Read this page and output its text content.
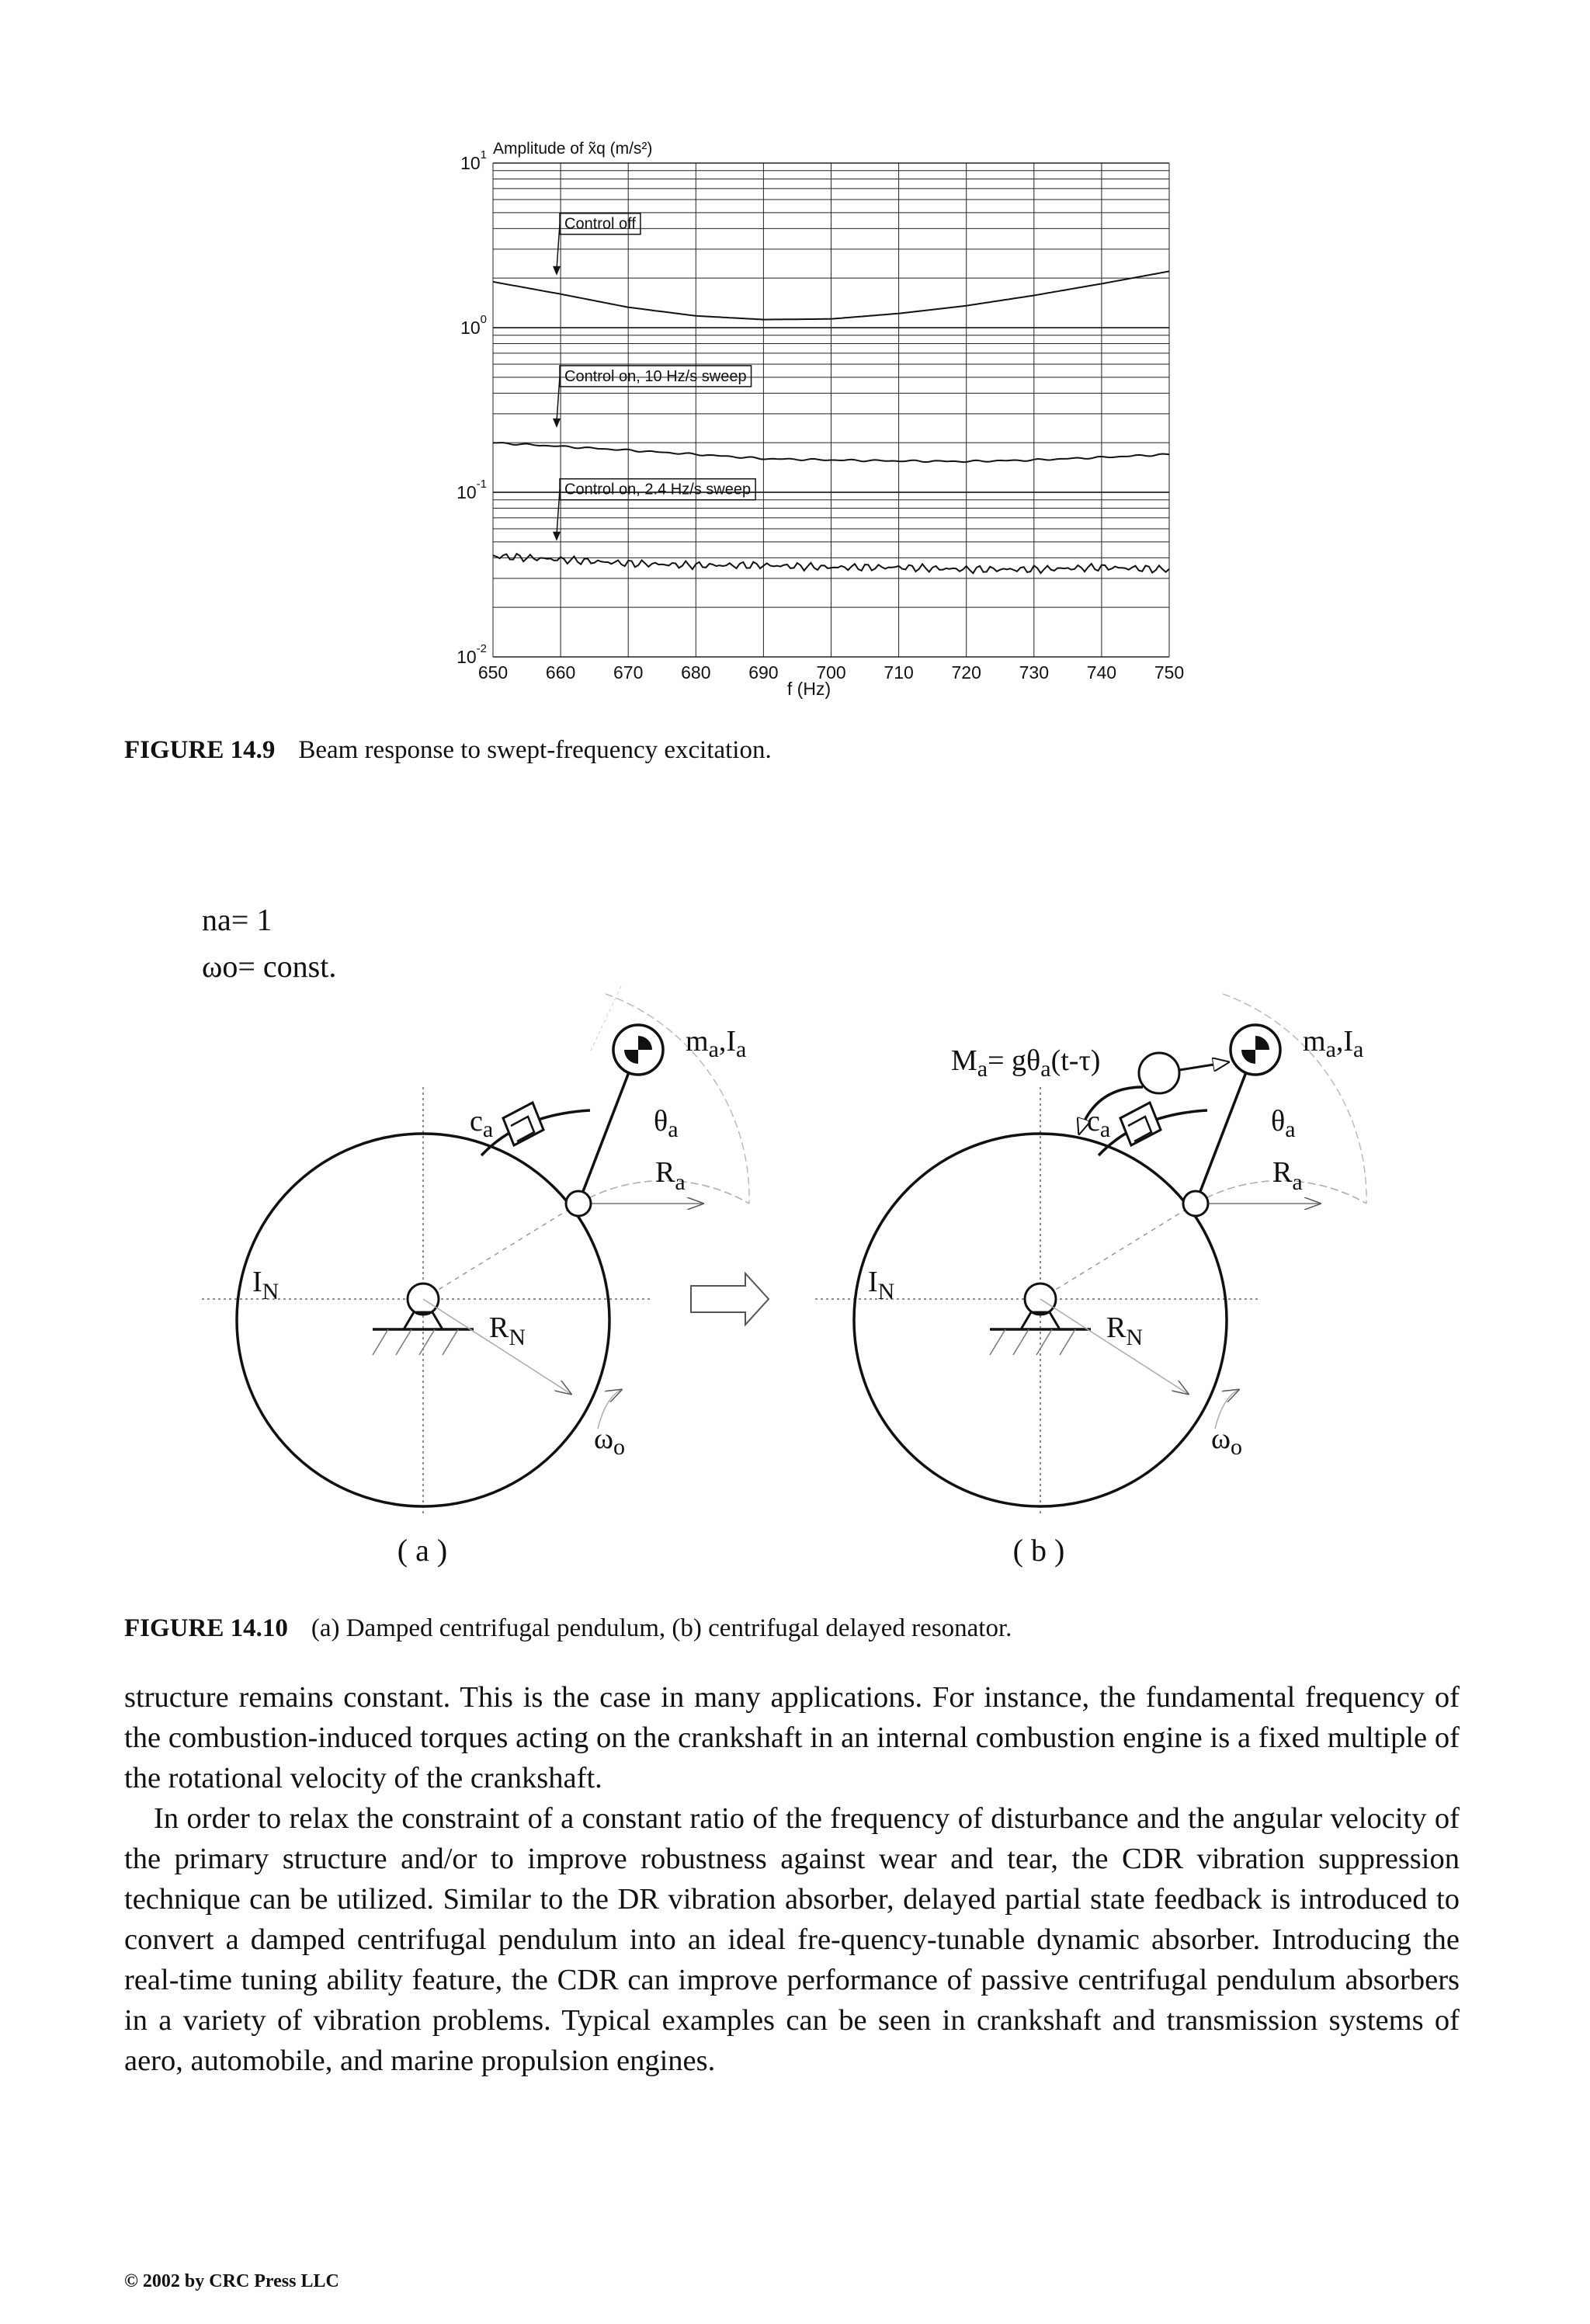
650 660 670 680 690 700 710 720 730 740 750
$10^1$
$10^0$
$10^{-1}$
$10^{-2}$
Control off
Control on, 10 Hz/s sweep
Control on, 2.4 Hz/s sweep
Amplitude of x̃q (m/s²)
f (Hz)
FIGURE 14.9 Beam response to swept-frequency excitation.
na= 1
ωo= const.
$m_a,I_a$
$c_a$	$\theta_a$
$R_a$
$I_N$
$R_N$
$\omega_o$
( a )
$m_a,I_a$
$M_a= g\theta_a(t-\tau)$
$c_a$	$\theta_a$
$R_a$
$I_N$
$R_N$
$\omega_o$
( b )
FIGURE 14.10 (a) Damped centrifugal pendulum, (b) centrifugal delayed resonator.

structure remains constant. This is the case in many applications. For instance, the fundamental frequency of the combustion-induced torques acting on the crankshaft in an internal combustion engine is a fixed multiple of the rotational velocity of the crankshaft.

In order to relax the constraint of a constant ratio of the frequency of disturbance and the angular velocity of the primary structure and/or to improve robustness against wear and tear, the CDR vibration suppression technique can be utilized. Similar to the DR vibration absorber, delayed partial state feedback is introduced to convert a damped centrifugal pendulum into an ideal fre-quency-tunable dynamic absorber. Introducing the real-time tuning ability feature, the CDR can improve performance of passive centrifugal pendulum absorbers in a variety of vibration problems. Typical examples can be seen in crankshaft and transmission systems of aero, automobile, and marine propulsion engines.

© 2002 by CRC Press LLC
